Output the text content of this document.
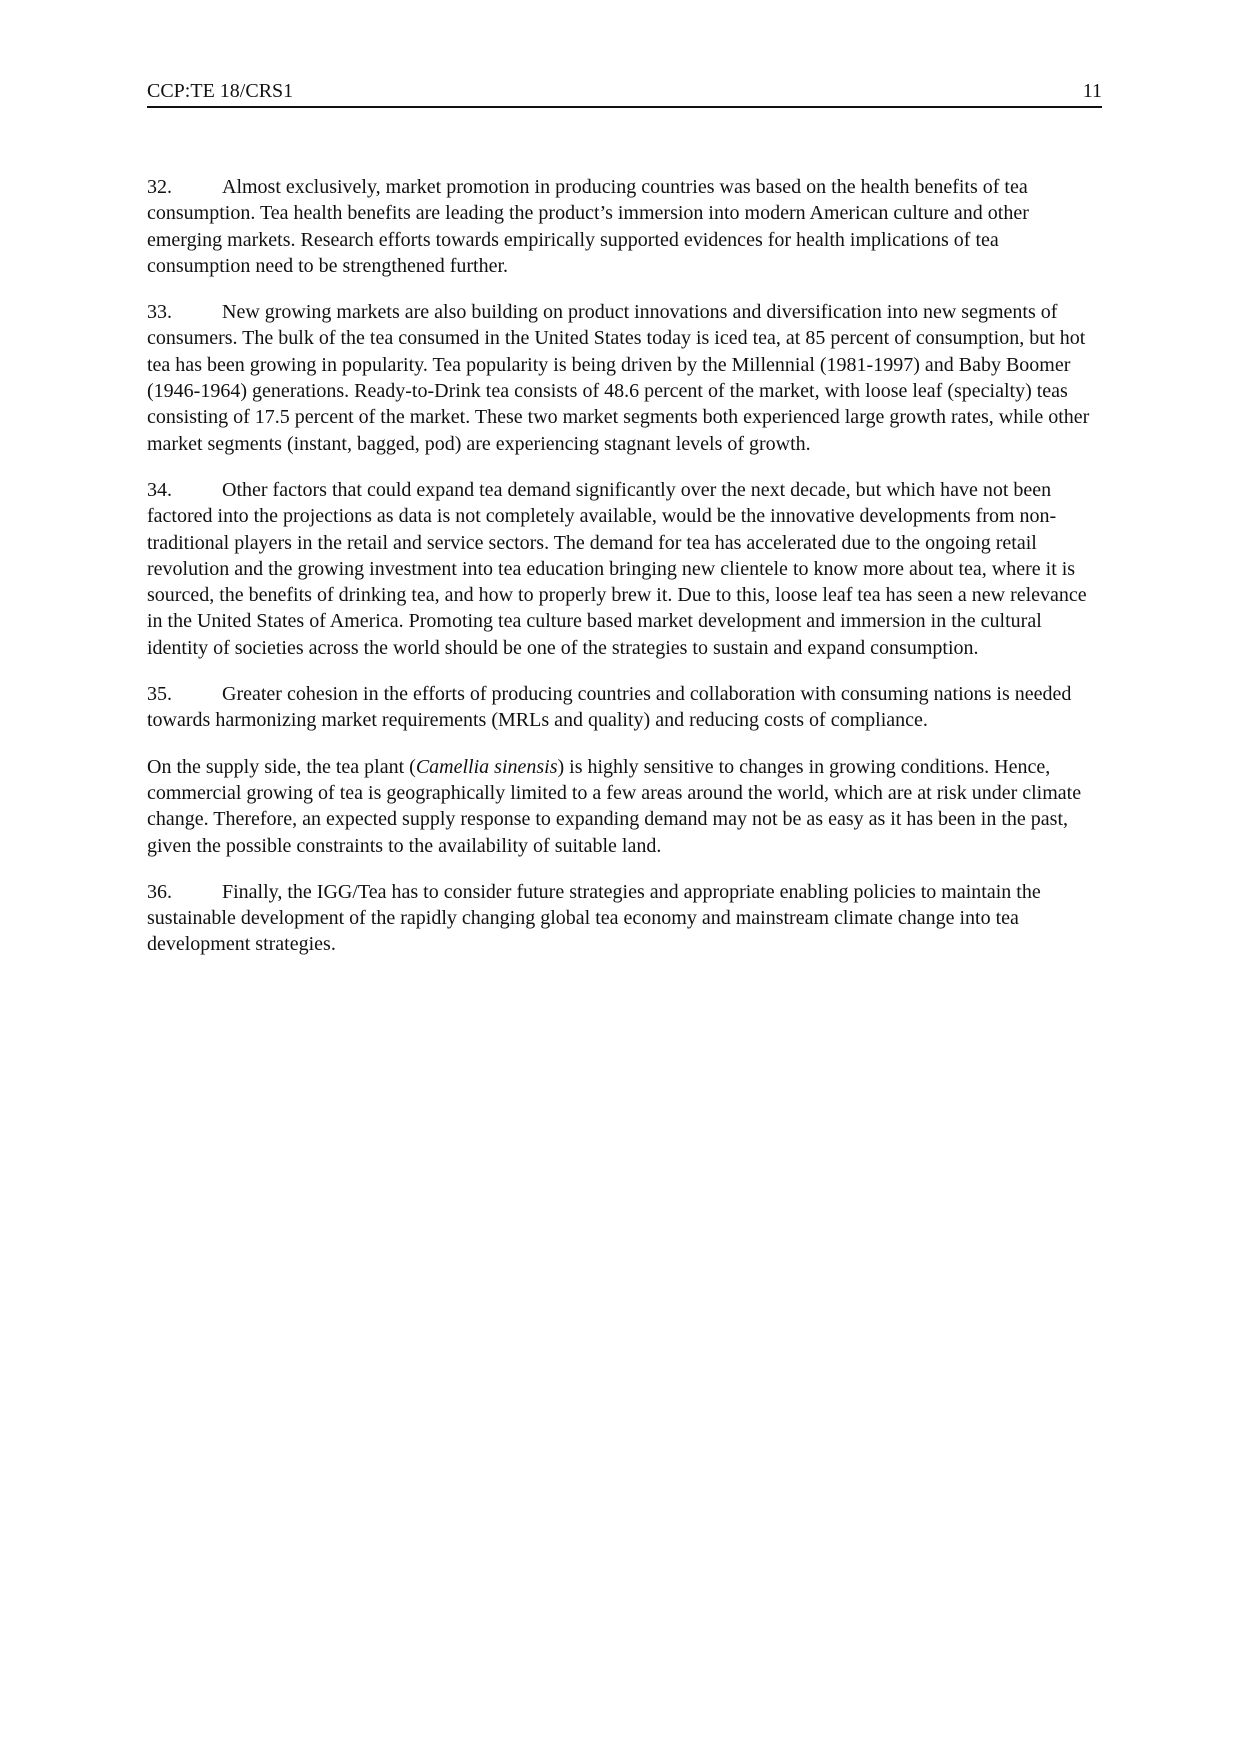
CCP:TE 18/CRS1	11

32.	Almost exclusively, market promotion in producing countries was based on the health benefits of tea consumption. Tea health benefits are leading the product’s immersion into modern American culture and other emerging markets. Research efforts towards empirically supported evidences for health implications of tea consumption need to be strengthened further.

33.	New growing markets are also building on product innovations and diversification into new segments of consumers. The bulk of the tea consumed in the United States today is iced tea, at 85 percent of consumption, but hot tea has been growing in popularity. Tea popularity is being driven by the Millennial (1981-1997) and Baby Boomer (1946-1964) generations. Ready-to-Drink tea consists of 48.6 percent of the market, with loose leaf (specialty) teas consisting of 17.5 percent of the market. These two market segments both experienced large growth rates, while other market segments (instant, bagged, pod) are experiencing stagnant levels of growth.

34.	Other factors that could expand tea demand significantly over the next decade, but which have not been factored into the projections as data is not completely available, would be the innovative developments from non-traditional players in the retail and service sectors. The demand for tea has accelerated due to the ongoing retail revolution and the growing investment into tea education bringing new clientele to know more about tea, where it is sourced, the benefits of drinking tea, and how to properly brew it. Due to this, loose leaf tea has seen a new relevance in the United States of America. Promoting tea culture based market development and immersion in the cultural identity of societies across the world should be one of the strategies to sustain and expand consumption.

35.	Greater cohesion in the efforts of producing countries and collaboration with consuming nations is needed towards harmonizing market requirements (MRLs and quality) and reducing costs of compliance.

On the supply side, the tea plant (Camellia sinensis) is highly sensitive to changes in growing conditions. Hence, commercial growing of tea is geographically limited to a few areas around the world, which are at risk under climate change. Therefore, an expected supply response to expanding demand may not be as easy as it has been in the past, given the possible constraints to the availability of suitable land.

36.	Finally, the IGG/Tea has to consider future strategies and appropriate enabling policies to maintain the sustainable development of the rapidly changing global tea economy and mainstream climate change into tea development strategies.
